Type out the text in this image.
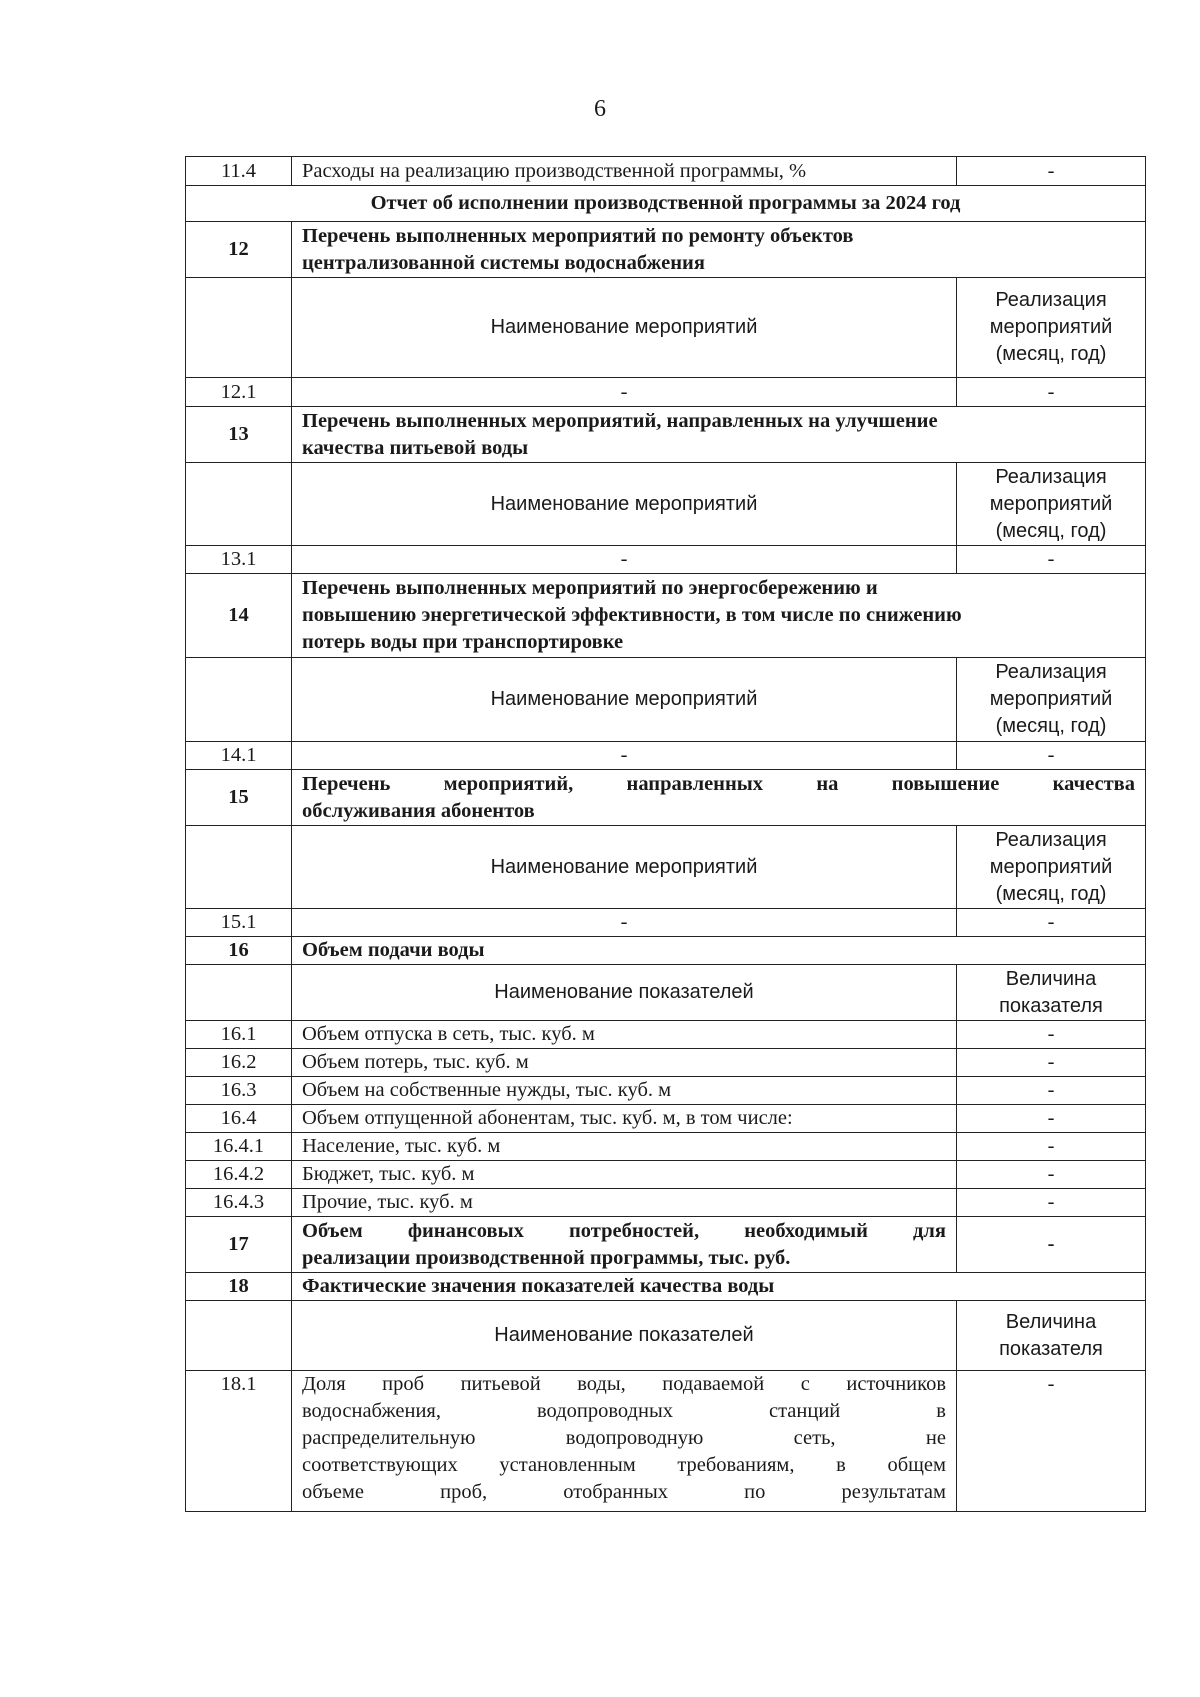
6
11.4	Расходы на реализацию производственной программы, %	-
Отчет об исполнении производственной программы за 2024 год		
12	Перечень выполненных мероприятий по ремонту объектов
централизованной системы водоснабжения	

	Наименование мероприятий	Реализация
мероприятий
(месяц, год)

12.1	-	-
13	Перечень выполненных мероприятий, направленных на улучшение
качества питьевой воды	

	Наименование мероприятий	Реализация
мероприятий
(месяц, год)

13.1	-	-
14	Перечень выполненных мероприятий по энергосбережению и
повышению энергетической эффективности, в том числе по снижению
потерь воды при транспортировке	

	Наименование мероприятий	Реализация
мероприятий
(месяц, год)

14.1	-	-
15	Перечень мероприятий, направленных на повышение качества
обслуживания абонентов	

	Наименование мероприятий	Реализация
мероприятий
(месяц, год)

15.1	-	-
16	Объем подачи воды	
	Наименование показателей	Величина
показателя

16.1	Объем отпуска в сеть, тыс. куб. м	-
16.2	Объем потерь, тыс. куб. м	-
16.3	Объем на собственные нужды, тыс. куб. м	-
16.4	Объем отпущенной абонентам, тыс. куб. м, в том числе:	-
16.4.1	Население, тыс. куб. м	-
16.4.2	Бюджет, тыс. куб. м	-
16.4.3	Прочие, тыс. куб. м	-
17	Объем финансовых потребностей, необходимый для
реализации производственной программы, тыс. руб.	-
18	Фактические значения показателей качества воды	
	Наименование показателей	Величина
показателя

18.1	Доля проб питьевой воды, подаваемой с источников
водоснабжения, водопроводных станций в
распределительную водопроводную сеть, не
соответствующих установленным требованиям, в общем
объеме проб, отобранных по результатам	-
